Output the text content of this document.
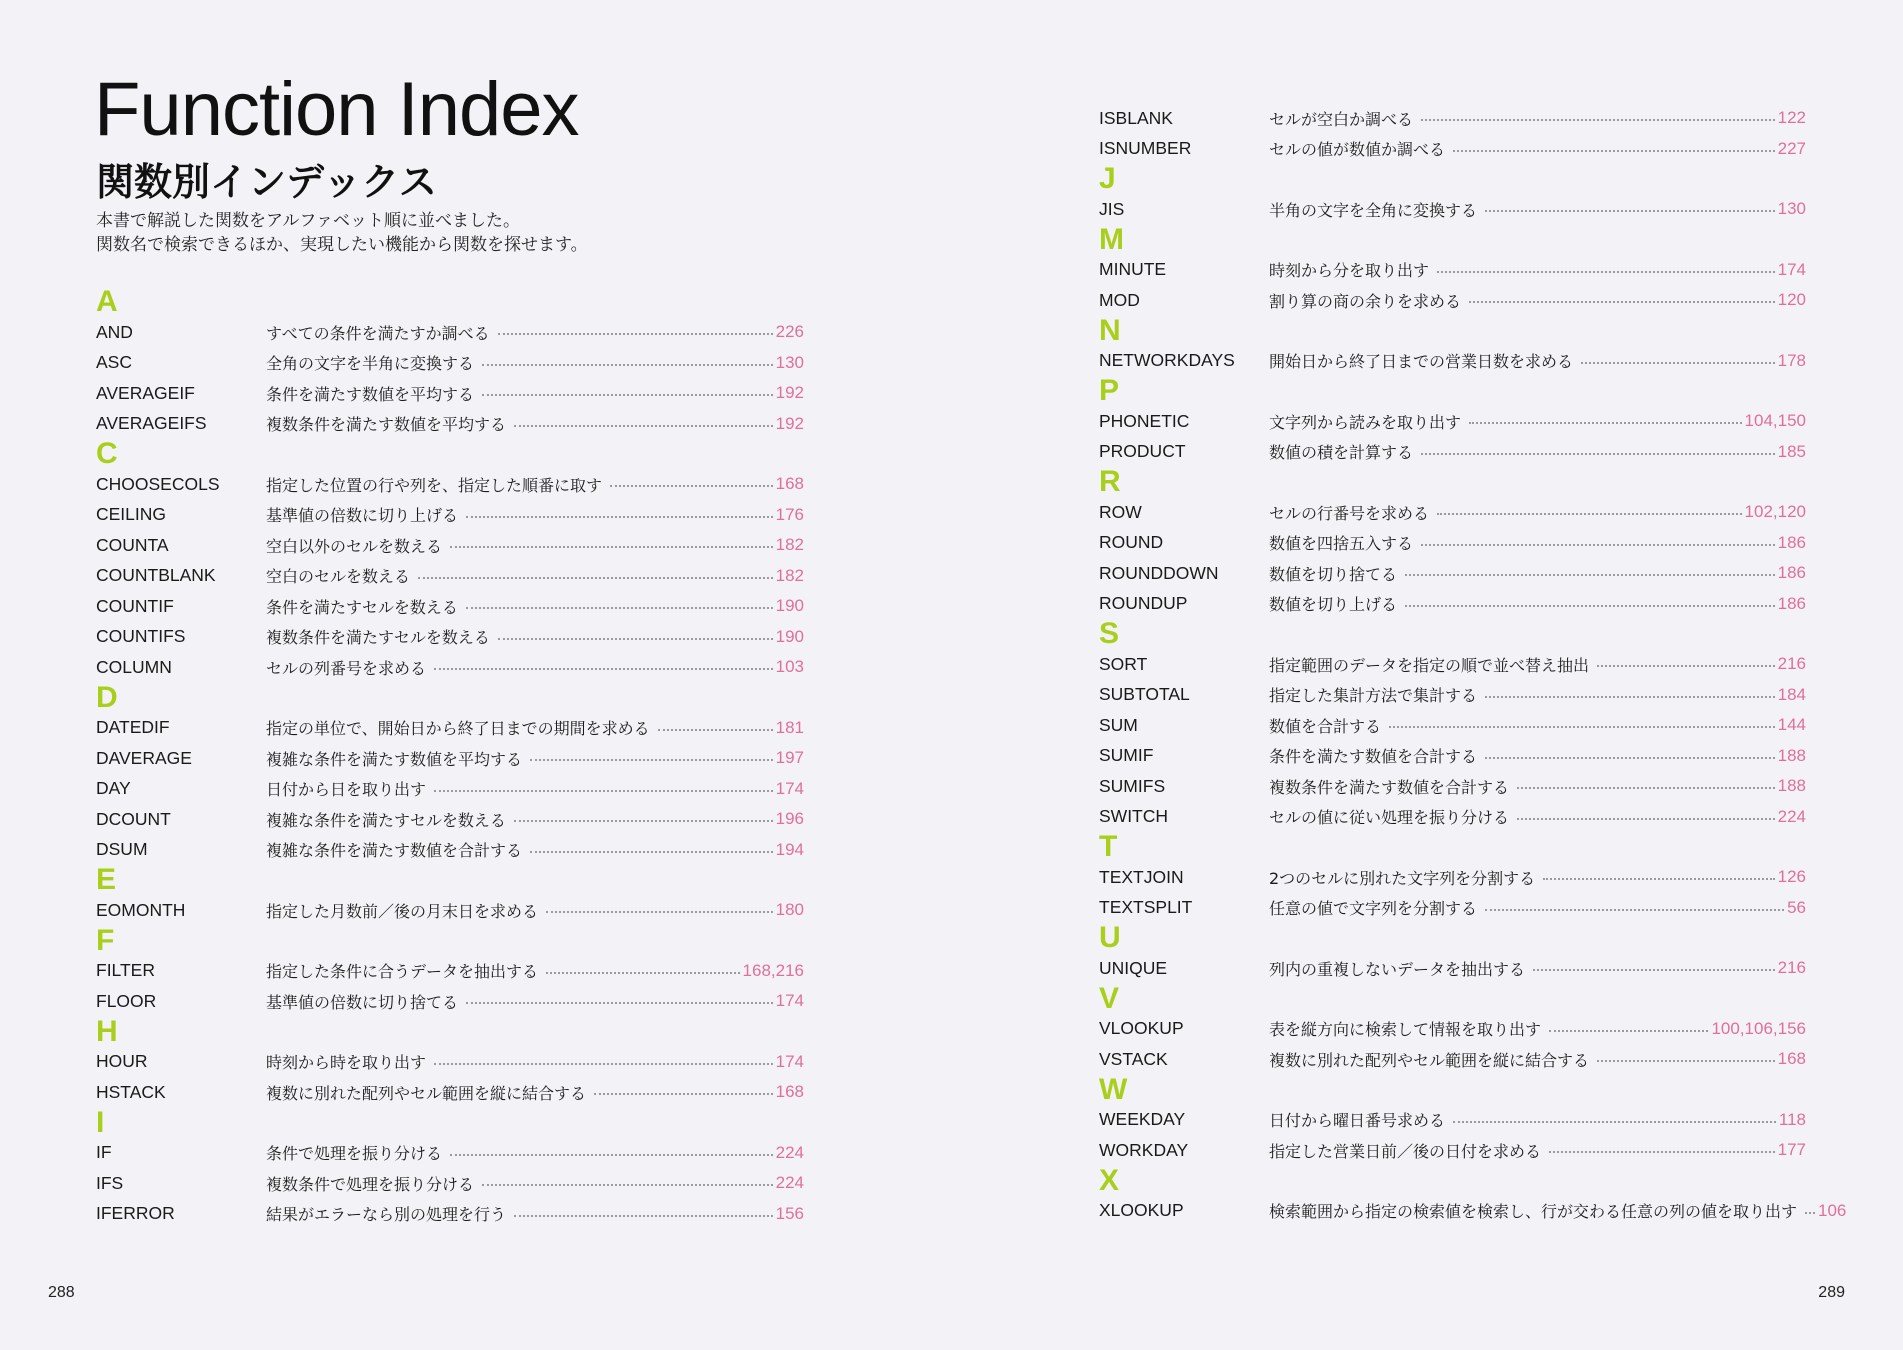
Function Index
関数別インデックス
本書で解説した関数をアルファベット順に並べました。
関数名で検索できるほか、実現したい機能から関数を探せます。
A
AND	すべての条件を満たすか調べる	226
ASC	全角の文字を半角に変換する	130
AVERAGEIF	条件を満たす数値を平均する	192
AVERAGEIFS	複数条件を満たす数値を平均する	192
C
CHOOSECOLS	指定した位置の行や列を、指定した順番に取す	168
CEILING	基準値の倍数に切り上げる	176
COUNTA	空白以外のセルを数える	182
COUNTBLANK	空白のセルを数える	182
COUNTIF	条件を満たすセルを数える	190
COUNTIFS	複数条件を満たすセルを数える	190
COLUMN	セルの列番号を求める	103
D
DATEDIF	指定の単位で、開始日から終了日までの期間を求める	181
DAVERAGE	複雑な条件を満たす数値を平均する	197
DAY	日付から日を取り出す	174
DCOUNT	複雑な条件を満たすセルを数える	196
DSUM	複雑な条件を満たす数値を合計する	194
E
EOMONTH	指定した月数前／後の月末日を求める	180
F
FILTER	指定した条件に合うデータを抽出する	168,216
FLOOR	基準値の倍数に切り捨てる	174
H
HOUR	時刻から時を取り出す	174
HSTACK	複数に別れた配列やセル範囲を縦に結合する	168
I
IF	条件で処理を振り分ける	224
IFS	複数条件で処理を振り分ける	224
IFERROR	結果がエラーなら別の処理を行う	156
ISBLANK	セルが空白か調べる	122
ISNUMBER	セルの値が数値か調べる	227
J
JIS	半角の文字を全角に変換する	130
M
MINUTE	時刻から分を取り出す	174
MOD	割り算の商の余りを求める	120
N
NETWORKDAYS	開始日から終了日までの営業日数を求める	178
P
PHONETIC	文字列から読みを取り出す	104,150
PRODUCT	数値の積を計算する	185
R
ROW	セルの行番号を求める	102,120
ROUND	数値を四捨五入する	186
ROUNDDOWN	数値を切り捨てる	186
ROUNDUP	数値を切り上げる	186
S
SORT	指定範囲のデータを指定の順で並べ替え抽出	216
SUBTOTAL	指定した集計方法で集計する	184
SUM	数値を合計する	144
SUMIF	条件を満たす数値を合計する	188
SUMIFS	複数条件を満たす数値を合計する	188
SWITCH	セルの値に従い処理を振り分ける	224
T
TEXTJOIN	2つのセルに別れた文字列を分割する	126
TEXTSPLIT	任意の値で文字列を分割する	56
U
UNIQUE	列内の重複しないデータを抽出する	216
V
VLOOKUP	表を縦方向に検索して情報を取り出す	100,106,156
VSTACK	複数に別れた配列やセル範囲を縦に結合する	168
W
WEEKDAY	日付から曜日番号求める	118
WORKDAY	指定した営業日前／後の日付を求める	177
X
XLOOKUP	検索範囲から指定の検索値を検索し、行が交わる任意の列の値を取り出す 106
288	289
